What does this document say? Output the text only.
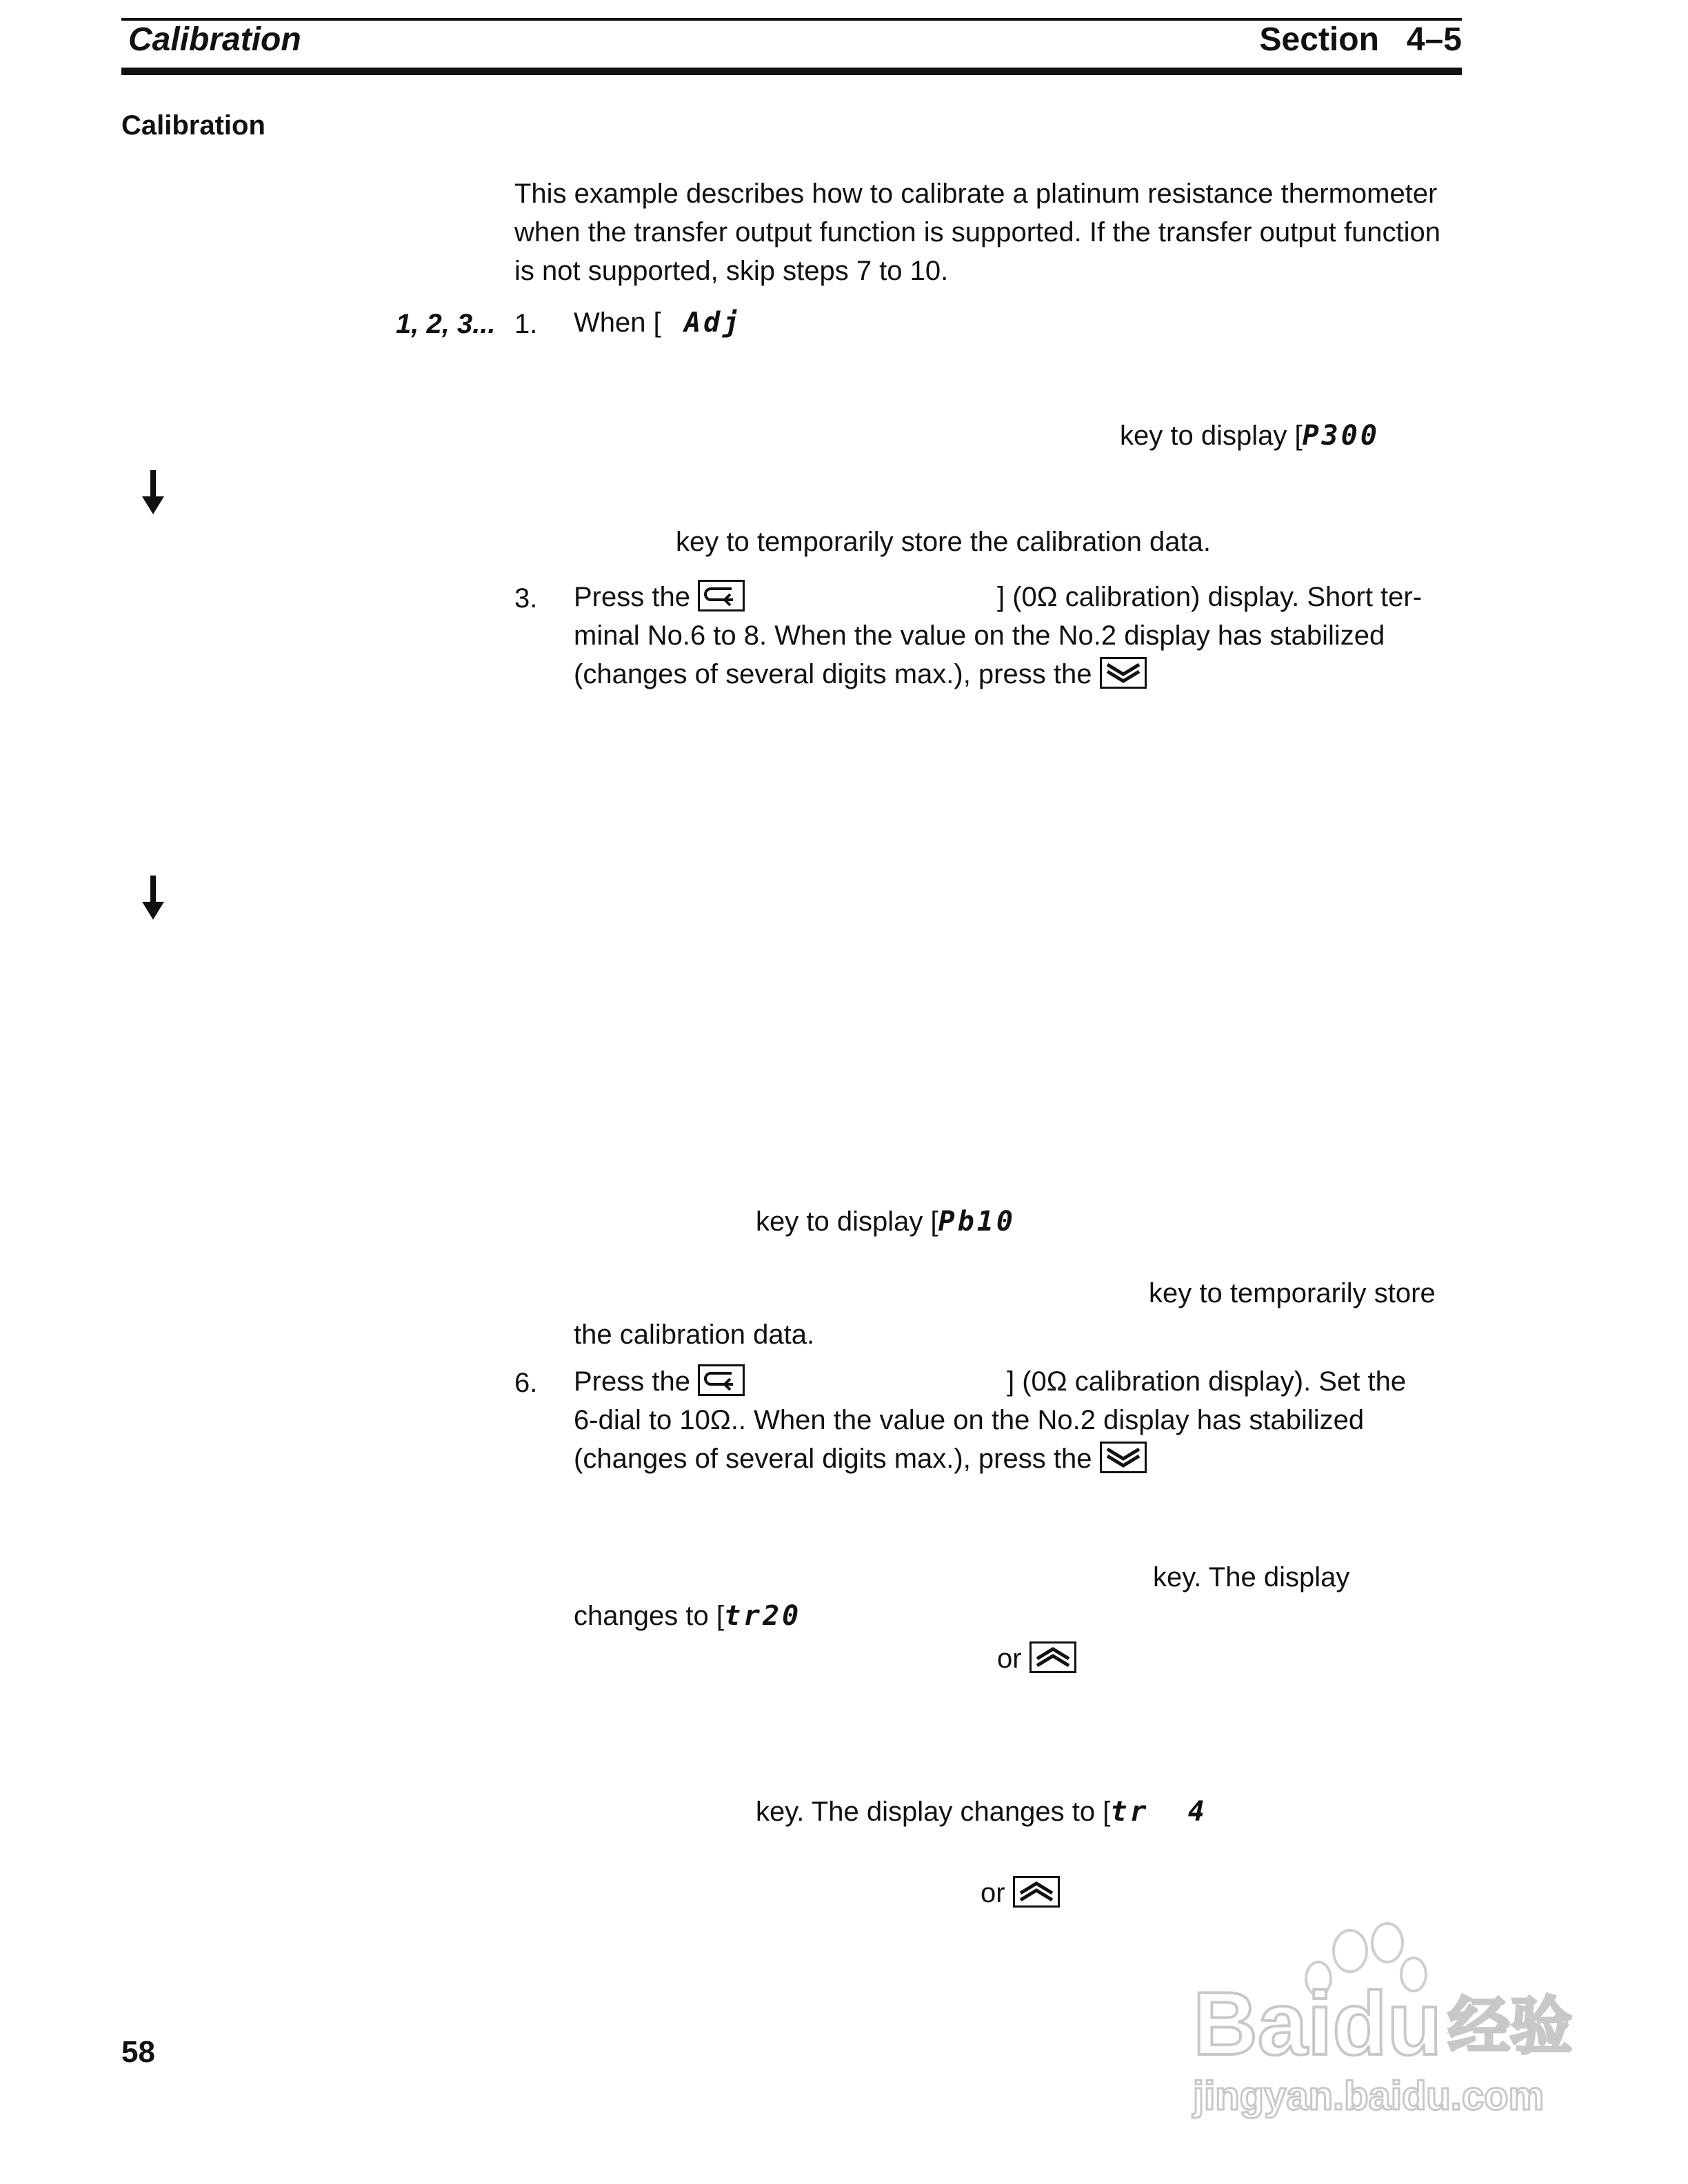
Calibration	Section 4–5
Calibration
This example describes how to calibrate a platinum resistance thermometer
when the transfer output function is supported. If the transfer output function
is not supported, skip steps 7 to 10.
1, 2, 3... 1. When [ Adj
key to display [P300
key to temporarily store the calibration data.
3. Press the	] (0Ω calibration) display. Short ter-
minal No.6 to 8. When the value on the No.2 display has stabilized
(changes of several digits max.), press the
key to display [Pb10
key to temporarily store
the calibration data.
6. Press the	] (0Ω calibration display). Set the
6-dial to 10Ω.. When the value on the No.2 display has stabilized
(changes of several digits max.), press the
key. The display
changes to [tr20
or
key. The display changes to [tr  4
or
58	Baidu 经验
jingyan.baidu.com
